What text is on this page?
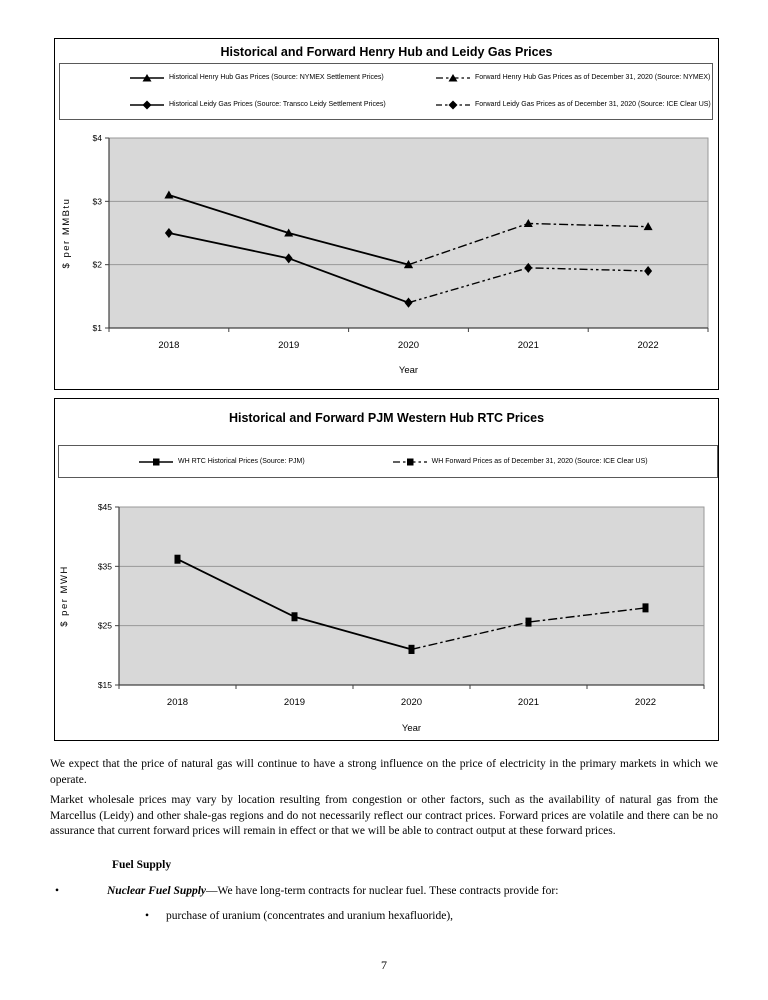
Historical and Forward Henry Hub and Leidy Gas Prices
Historical Henry Hub Gas Prices (Source: NYMEX Settlement Prices)	Forward Henry Hub Gas Prices as of December 31, 2020 (Source: NYMEX)
Historical Leidy Gas Prices (Source: Transco Leidy Settlement Prices)	Forward Leidy Gas Prices as of December 31, 2020 (Source: ICE Clear US)
$1
$2
$3
$4
2018	2019	2020	2021	2022
Year
$ per MMBtu
Historical and Forward PJM Western Hub RTC Prices
WH RTC Historical Prices (Source: PJM)	WH Forward Prices as of December 31, 2020 (Source: ICE Clear US)
$15
$25
$35
$45
2018	2019	2020	2021	2022
Year
$ per MWH

We expect that the price of natural gas will continue to have a strong influence on the price of electricity in the primary markets in which we operate.

Market wholesale prices may vary by location resulting from congestion or other factors, such as the availability of natural gas from the Marcellus (Leidy) and other shale-gas regions and do not necessarily reflect our contract prices. Forward prices are volatile and there can be no assurance that current forward prices will remain in effect or that we will be able to contract output at these forward prices.

Fuel Supply
•	Nuclear Fuel Supply—We have long-term contracts for nuclear fuel. These contracts provide for:
•	purchase of uranium (concentrates and uranium hexafluoride),
7
